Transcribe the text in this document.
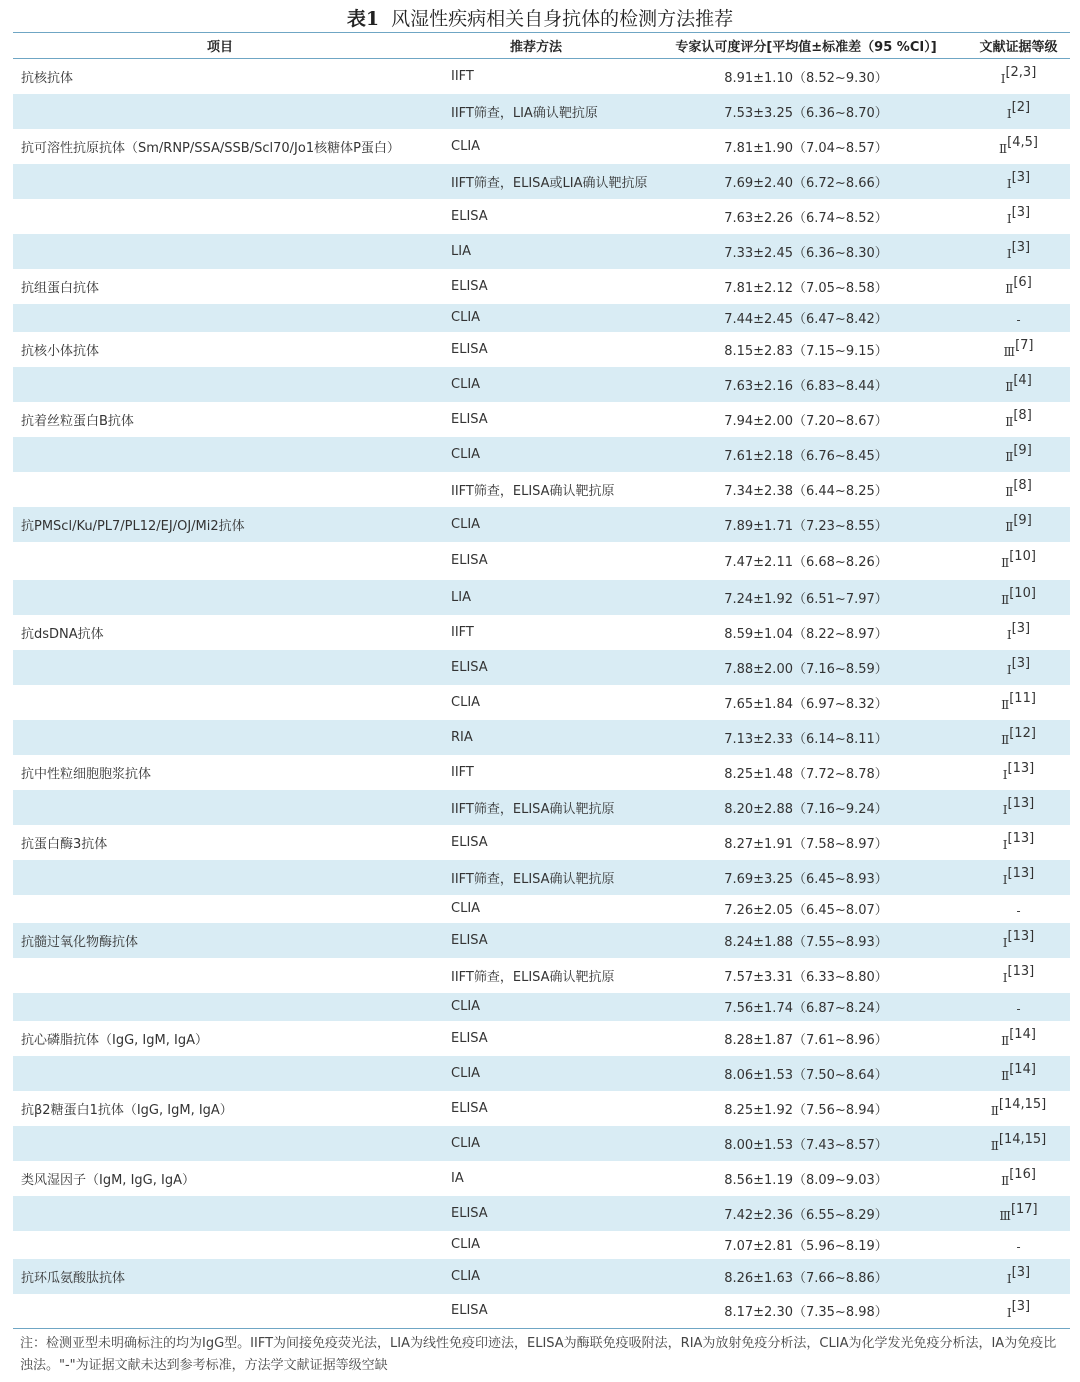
表1 风湿性疾病相关自身抗体的检测方法推荐
项目	推荐方法	专家认可度评分[平均值±标准差（95 %CI）]	文献证据等级
抗核抗体	IIFT	8.91±1.10（8.52~9.30）	Ⅰ[2,3]
	IIFT筛查，LIA确认靶抗原	7.53±3.25（6.36~8.70）	Ⅰ[2]
抗可溶性抗原抗体（Sm/RNP/SSA/SSB/Scl70/Jo1核糖体P蛋白）	CLIA	7.81±1.90（7.04~8.57）	Ⅱ[4,5]
	IIFT筛查，ELISA或LIA确认靶抗原	7.69±2.40（6.72~8.66）	Ⅰ[3]
	ELISA	7.63±2.26（6.74~8.52）	Ⅰ[3]
	LIA	7.33±2.45（6.36~8.30）	Ⅰ[3]
抗组蛋白抗体	ELISA	7.81±2.12（7.05~8.58）	Ⅱ[6]
	CLIA	7.44±2.45（6.47~8.42）	-
抗核小体抗体	ELISA	8.15±2.83（7.15~9.15）	Ⅲ[7]
	CLIA	7.63±2.16（6.83~8.44）	Ⅱ[4]
抗着丝粒蛋白B抗体	ELISA	7.94±2.00（7.20~8.67）	Ⅱ[8]
	CLIA	7.61±2.18（6.76~8.45）	Ⅱ[9]
	IIFT筛查，ELISA确认靶抗原	7.34±2.38（6.44~8.25）	Ⅱ[8]
抗PMScl/Ku/PL7/PL12/EJ/OJ/Mi2抗体	CLIA	7.89±1.71（7.23~8.55）	Ⅱ[9]
	ELISA	7.47±2.11（6.68~8.26）	Ⅱ[10]
	LIA	7.24±1.92（6.51~7.97）	Ⅱ[10]
抗dsDNA抗体	IIFT	8.59±1.04（8.22~8.97）	Ⅰ[3]
	ELISA	7.88±2.00（7.16~8.59）	Ⅰ[3]
	CLIA	7.65±1.84（6.97~8.32）	Ⅱ[11]
	RIA	7.13±2.33（6.14~8.11）	Ⅱ[12]
抗中性粒细胞胞浆抗体	IIFT	8.25±1.48（7.72~8.78）	Ⅰ[13]
	IIFT筛查，ELISA确认靶抗原	8.20±2.88（7.16~9.24）	Ⅰ[13]
抗蛋白酶3抗体	ELISA	8.27±1.91（7.58~8.97）	Ⅰ[13]
	IIFT筛查，ELISA确认靶抗原	7.69±3.25（6.45~8.93）	Ⅰ[13]
	CLIA	7.26±2.05（6.45~8.07）	-
抗髓过氧化物酶抗体	ELISA	8.24±1.88（7.55~8.93）	Ⅰ[13]
	IIFT筛查，ELISA确认靶抗原	7.57±3.31（6.33~8.80）	Ⅰ[13]
	CLIA	7.56±1.74（6.87~8.24）	-
抗心磷脂抗体（IgG, IgM, IgA）	ELISA	8.28±1.87（7.61~8.96）	Ⅱ[14]
	CLIA	8.06±1.53（7.50~8.64）	Ⅱ[14]
抗β2糖蛋白1抗体（IgG, IgM, IgA）	ELISA	8.25±1.92（7.56~8.94）	Ⅱ[14,15]
	CLIA	8.00±1.53（7.43~8.57）	Ⅱ[14,15]
类风湿因子（IgM, IgG, IgA）	IA	8.56±1.19（8.09~9.03）	Ⅱ[16]
	ELISA	7.42±2.36（6.55~8.29）	Ⅲ[17]
	CLIA	7.07±2.81（5.96~8.19）	-
抗环瓜氨酸肽抗体	CLIA	8.26±1.63（7.66~8.86）	Ⅰ[3]
	ELISA	8.17±2.30（7.35~8.98）	Ⅰ[3]
注：检测亚型未明确标注的均为IgG型。IIFT为间接免疫荧光法，LIA为线性免疫印迹法，ELISA为酶联免疫吸附法，RIA为放射免疫分析法，CLIA为化学发光免疫分析法，IA为免疫比浊法。"-"为证据文献未达到参考标准，方法学文献证据等级空缺
